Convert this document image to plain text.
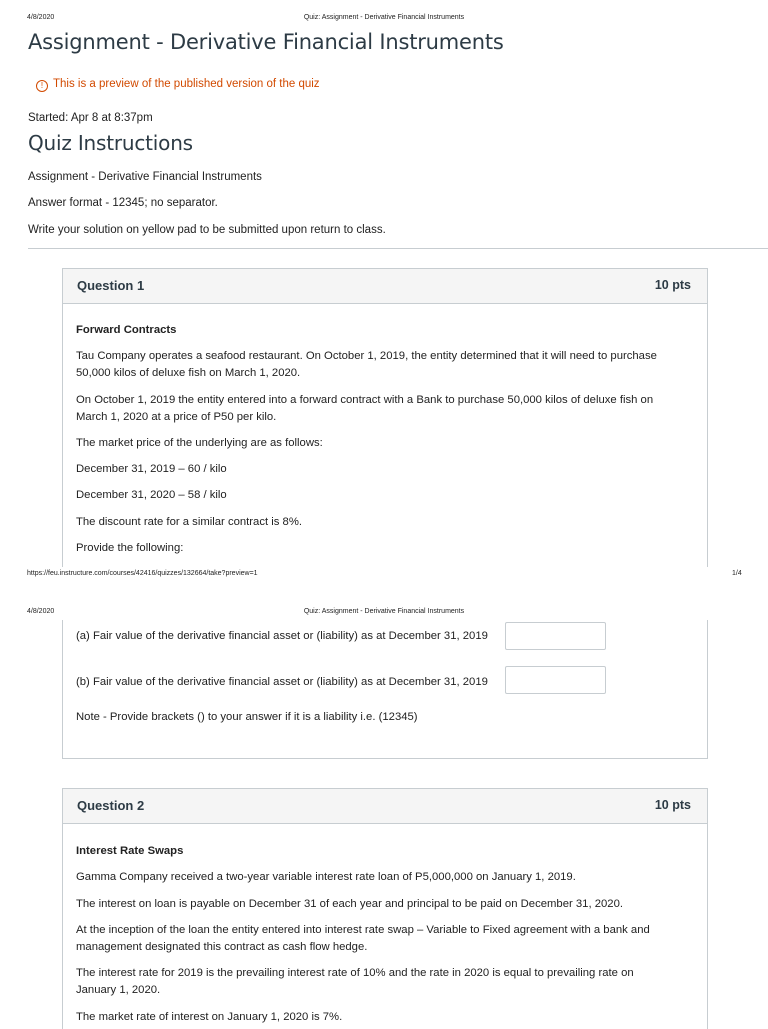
4/8/2020	Quiz: Assignment - Derivative Financial Instruments
Assignment - Derivative Financial Instruments
! This is a preview of the published version of the quiz
Started: Apr 8 at 8:37pm
Quiz Instructions
Assignment - Derivative Financial Instruments
Answer format - 12345; no separator.
Write your solution on yellow pad to be submitted upon return to class.
Question 1	10 pts
Forward Contracts
Tau Company operates a seafood restaurant. On October 1, 2019, the entity determined that it will need to purchase
50,000 kilos of deluxe fish on March 1, 2020.
On October 1, 2019 the entity entered into a forward contract with a Bank to purchase 50,000 kilos of deluxe fish on
March 1, 2020 at a price of P50 per kilo.
The market price of the underlying are as follows:
December 31, 2019 – 60 / kilo
December 31, 2020 – 58 / kilo
The discount rate for a similar contract is 8%.
Provide the following:
https://feu.instructure.com/courses/42416/quizzes/132664/take?preview=1	1/4
4/8/2020	Quiz: Assignment - Derivative Financial Instruments
(a) Fair value of the derivative financial asset or (liability) as at December 31, 2019
(b) Fair value of the derivative financial asset or (liability) as at December 31, 2019
Note - Provide brackets () to your answer if it is a liability i.e. (12345)
Question 2	10 pts
Interest Rate Swaps
Gamma Company received a two-year variable interest rate loan of P5,000,000 on January 1, 2019.
The interest on loan is payable on December 31 of each year and principal to be paid on December 31, 2020.
At the inception of the loan the entity entered into interest rate swap – Variable to Fixed agreement with a bank and
management designated this contract as cash flow hedge.
The interest rate for 2019 is the prevailing interest rate of 10% and the rate in 2020 is equal to prevailing rate on
January 1, 2020.
The market rate of interest on January 1, 2020 is 7%.
